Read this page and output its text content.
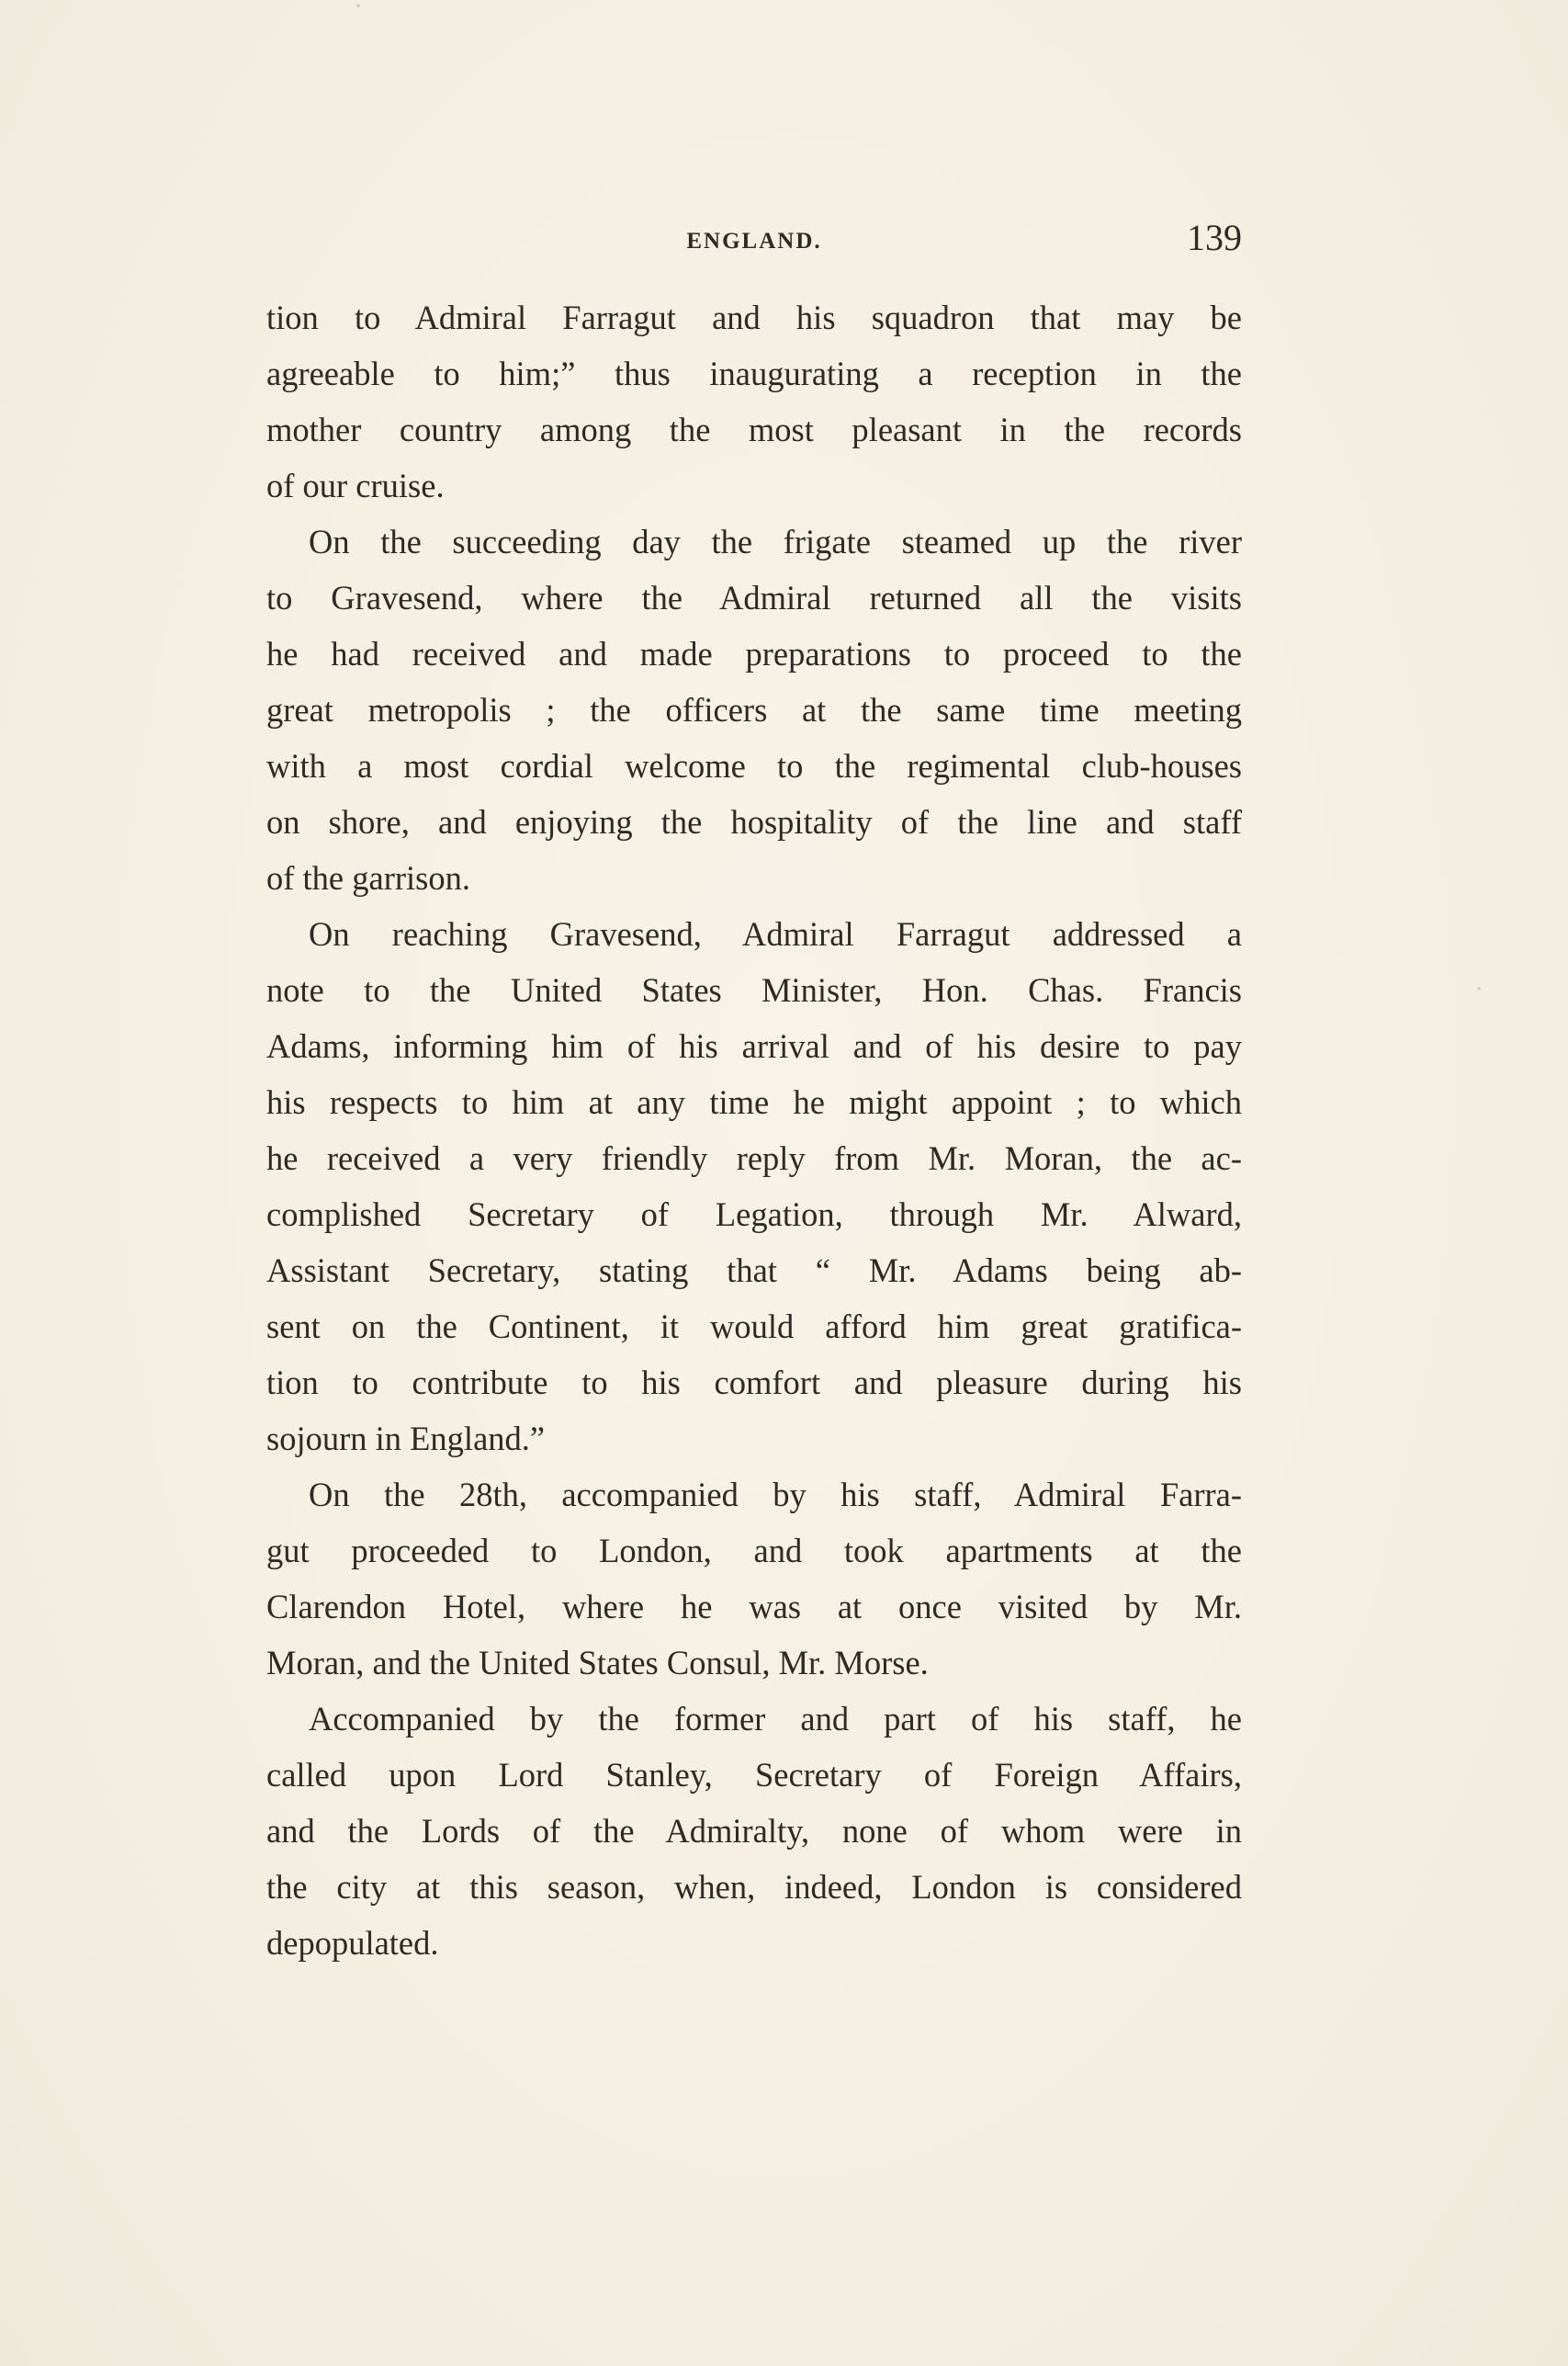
ENGLAND.	139
tion to Admiral Farragut and his squadron that may be
agreeable to him;” thus inaugurating a reception in the
mother country among the most pleasant in the records
of our cruise.
On the succeeding day the frigate steamed up the river
to Gravesend, where the Admiral returned all the visits
he had received and made preparations to proceed to the
great metropolis ; the officers at the same time meeting
with a most cordial welcome to the regimental club-houses
on shore, and enjoying the hospitality of the line and staff
of the garrison.
On reaching Gravesend, Admiral Farragut addressed a
note to the United States Minister, Hon. Chas. Francis
Adams, informing him of his arrival and of his desire to pay
his respects to him at any time he might appoint ; to which
he received a very friendly reply from Mr. Moran, the ac-
complished Secretary of Legation, through Mr. Alward,
Assistant Secretary, stating that “ Mr. Adams being ab-
sent on the Continent, it would afford him great gratifica-
tion to contribute to his comfort and pleasure during his
sojourn in England.”
On the 28th, accompanied by his staff, Admiral Farra-
gut proceeded to London, and took apartments at the
Clarendon Hotel, where he was at once visited by Mr.
Moran, and the United States Consul, Mr. Morse.
Accompanied by the former and part of his staff, he
called upon Lord Stanley, Secretary of Foreign Affairs,
and the Lords of the Admiralty, none of whom were in
the city at this season, when, indeed, London is considered
depopulated.
